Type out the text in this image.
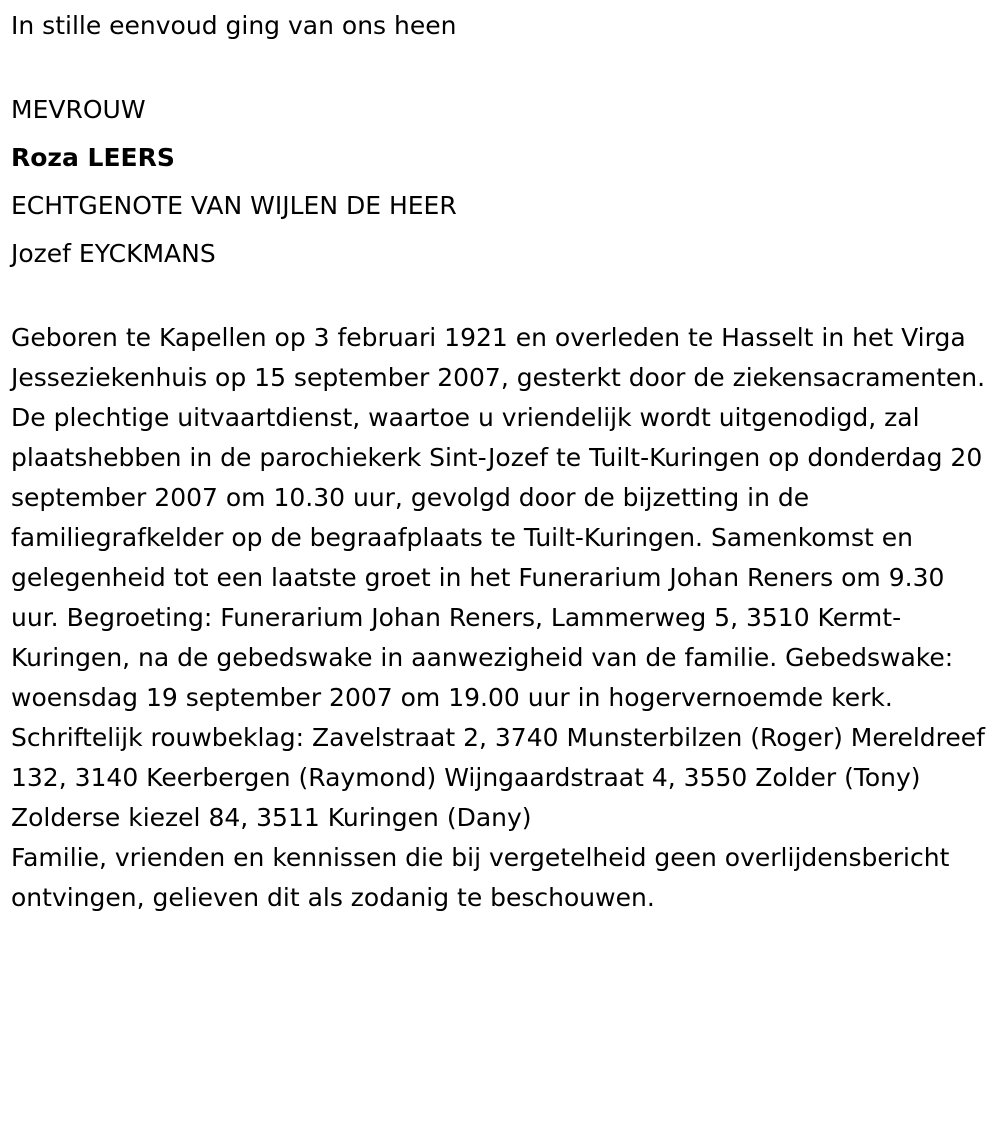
In stille eenvoud ging van ons heen

MEVROUW

Roza LEERS

ECHTGENOTE VAN WIJLEN DE HEER

Jozef EYCKMANS

Geboren te Kapellen op 3 februari 1921 en overleden te Hasselt in het Virga Jesseziekenhuis op 15 september 2007, gesterkt door de ziekensacramenten.

De plechtige uitvaartdienst, waartoe u vriendelijk wordt uitgenodigd, zal plaatshebben in de parochiekerk Sint-Jozef te Tuilt-Kuringen op donderdag 20 september 2007 om 10.30 uur, gevolgd door de bijzetting in de familiegrafkelder op de begraafplaats te Tuilt-Kuringen. Samenkomst en gelegenheid tot een laatste groet in het Funerarium Johan Reners om 9.30 uur. Begroeting: Funerarium Johan Reners, Lammerweg 5, 3510 Kermt-Kuringen, na de gebedswake in aanwezigheid van de familie. Gebedswake: woensdag 19 september 2007 om 19.00 uur in hogervernoemde kerk.

Schriftelijk rouwbeklag: Zavelstraat 2, 3740 Munsterbilzen (Roger) Mereldreef 132, 3140 Keerbergen (Raymond) Wijngaardstraat 4, 3550 Zolder (Tony) Zolderse kiezel 84, 3511 Kuringen (Dany)

Familie, vrienden en kennissen die bij vergetelheid geen overlijdensbericht ontvingen, gelieven dit als zodanig te beschouwen.
